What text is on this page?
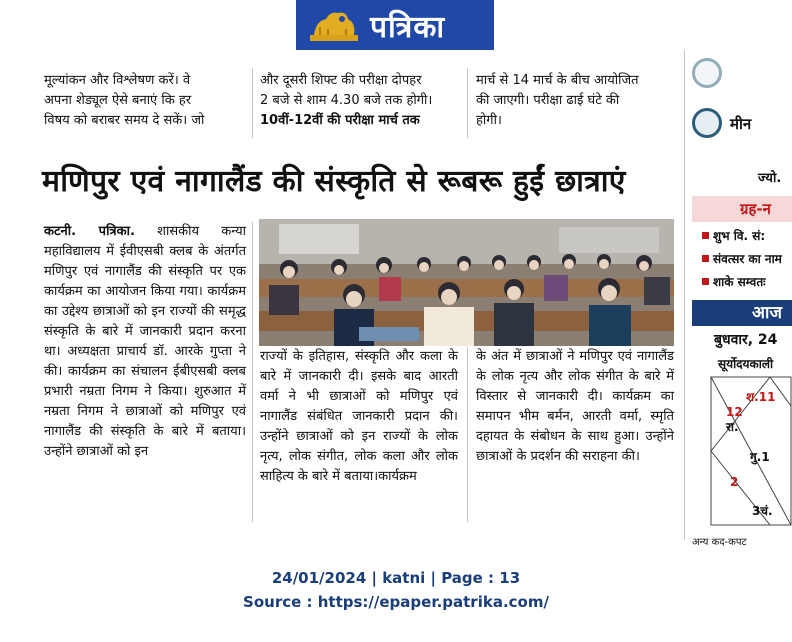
पत्रिका

मूल्यांकन और विश्लेषण करें। वे

अपना शेड्यूल ऐसे बनाएं कि हर

विषय को बराबर समय दे सकें। जो

और दूसरी शिफ्ट की परीक्षा दोपहर

2 बजे से शाम 4.30 बजे तक होगी।

10वीं-12वीं की परीक्षा मार्च तक

मार्च से 14 मार्च के बीच आयोजित

की जाएगी। परीक्षा ढाई घंटे की

होगी।

मणिपुर एवं नागालैंड की संस्कृति से रूबरू हुईं छात्राएं

कटनी. पत्रिका. शासकीय कन्या महाविद्यालय में ईवीएसबी क्लब के अंतर्गत मणिपुर एवं नागालैंड की संस्कृति पर एक कार्यक्रम का आयोजन किया गया। कार्यक्रम का उद्देश्य छात्राओं को इन राज्यों की समृद्ध संस्कृति के बारे में जानकारी प्रदान करना था। अध्यक्षता प्राचार्य डॉ. आरके गुप्ता ने की। कार्यक्रम का संचालन ईबीएसबी क्लब प्रभारी नम्रता निगम ने किया। शुरुआत में नम्रता निगम ने छात्राओं को मणिपुर एवं नागालैंड की संस्कृति के बारे में बताया। उन्होंने छात्राओं को इन

राज्यों के इतिहास, संस्कृति और कला के बारे में जानकारी दी। इसके बाद आरती वर्मा ने भी छात्राओं को मणिपुर एवं नागालैंड संबंधित जानकारी प्रदान की। उन्होंने छात्राओं को इन राज्यों के लोक नृत्य, लोक संगीत, लोक कला और लोक साहित्य के बारे में बताया।कार्यक्रम

के अंत में छात्राओं ने मणिपुर एवं नागालैंड के लोक नृत्य और लोक संगीत के बारे में विस्तार से जानकारी दी। कार्यक्रम का समापन भीम बर्मन, आरती वर्मा, स्मृति दहायत के संबोधन के साथ हुआ। उन्होंने छात्राओं के प्रदर्शन की सराहना की।

मीन
ज्यो.
ग्रह-न
शुभ वि. सं:
संवत्सर का नाम
शाके सम्वतः
आज
बुधवार, 24
सूर्योदयकाली
श.11
12
रा.
गु.1
2
3चं.
अन्य कद-कपट
24/01/2024 | katni | Page : 13
Source : https://epaper.patrika.com/
